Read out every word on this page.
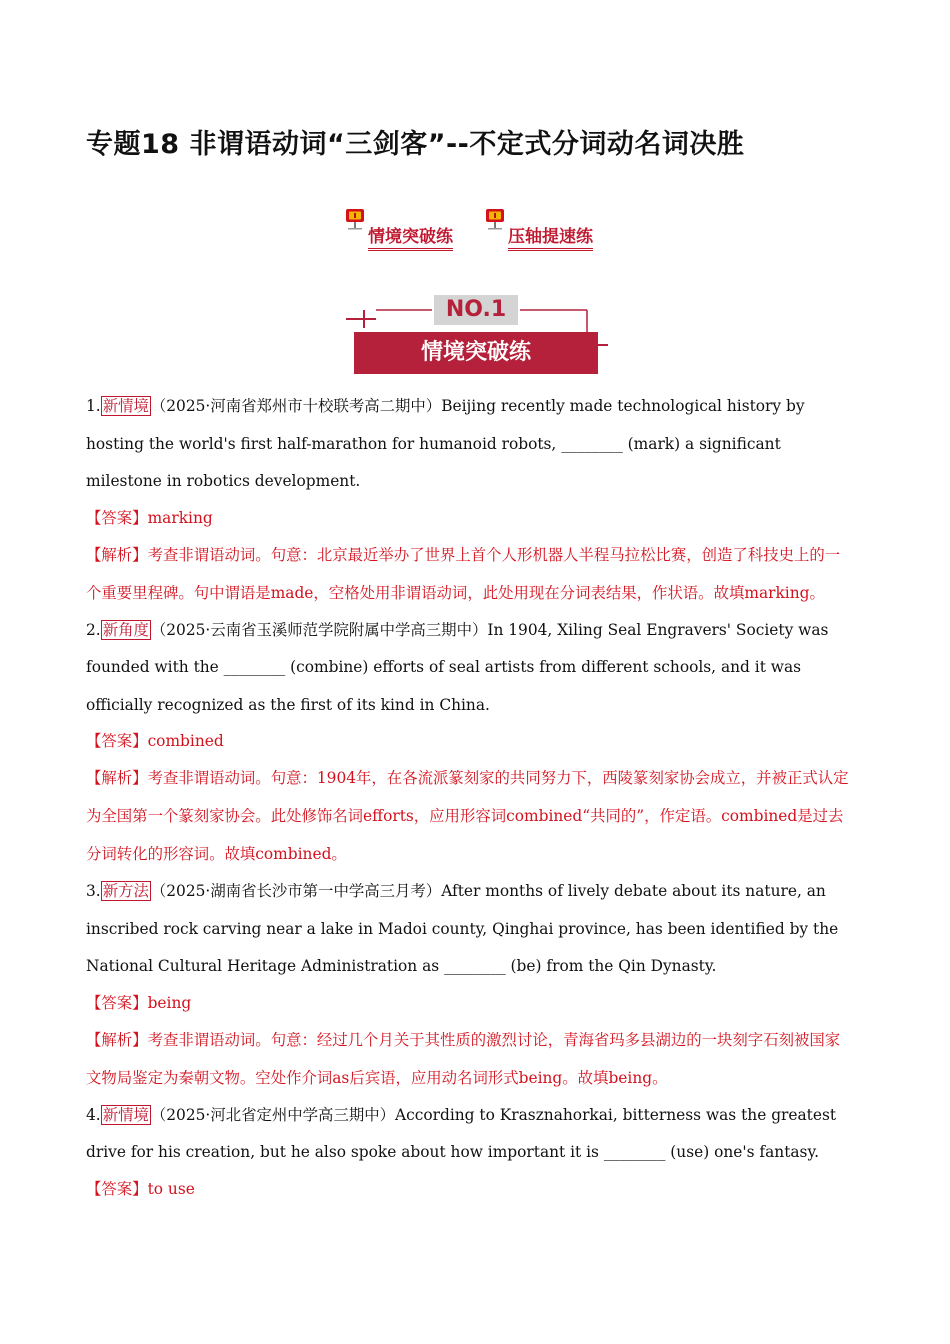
专题18 非谓语动词“三剑客”--不定式分词动名词决胜
情境突破练	压轴提速练
NO.1
情境突破练
1. 新情境 （2025·河南省郑州市十校联考高二期中）Beijing recently made technological history by hosting the world's first half-marathon for humanoid robots, ________ (mark) a significant milestone in robotics development.
【答案】marking
【解析】考查非谓语动词。句意：北京最近举办了世界上首个人形机器人半程马拉松比赛，创造了科技史上的一个重要里程碑。句中谓语是made，空格处用非谓语动词，此处用现在分词表结果，作状语。故填marking。
2. 新角度 （2025·云南省玉溪师范学院附属中学高三期中）In 1904, Xiling Seal Engravers' Society was founded with the ________ (combine) efforts of seal artists from different schools, and it was officially recognized as the first of its kind in China.
【答案】combined
【解析】考查非谓语动词。句意：1904年，在各流派篆刻家的共同努力下，西陵篆刻家协会成立，并被正式认定为全国第一个篆刻家协会。此处修饰名词efforts，应用形容词combined“共同的”，作定语。combined是过去分词转化的形容词。故填combined。
3. 新方法 （2025·湖南省长沙市第一中学高三月考）After months of lively debate about its nature, an inscribed rock carving near a lake in Madoi county, Qinghai province, has been identified by the National Cultural Heritage Administration as ________ (be) from the Qin Dynasty.
【答案】being
【解析】考查非谓语动词。句意：经过几个月关于其性质的激烈讨论，青海省玛多县湖边的一块刻字石刻被国家文物局鉴定为秦朝文物。空处作介词as后宾语，应用动名词形式being。故填being。
4. 新情境 （2025·河北省定州中学高三期中）According to Krasznahorkai, bitterness was the greatest drive for his creation, but he also spoke about how important it is ________ (use) one's fantasy.
【答案】to use
